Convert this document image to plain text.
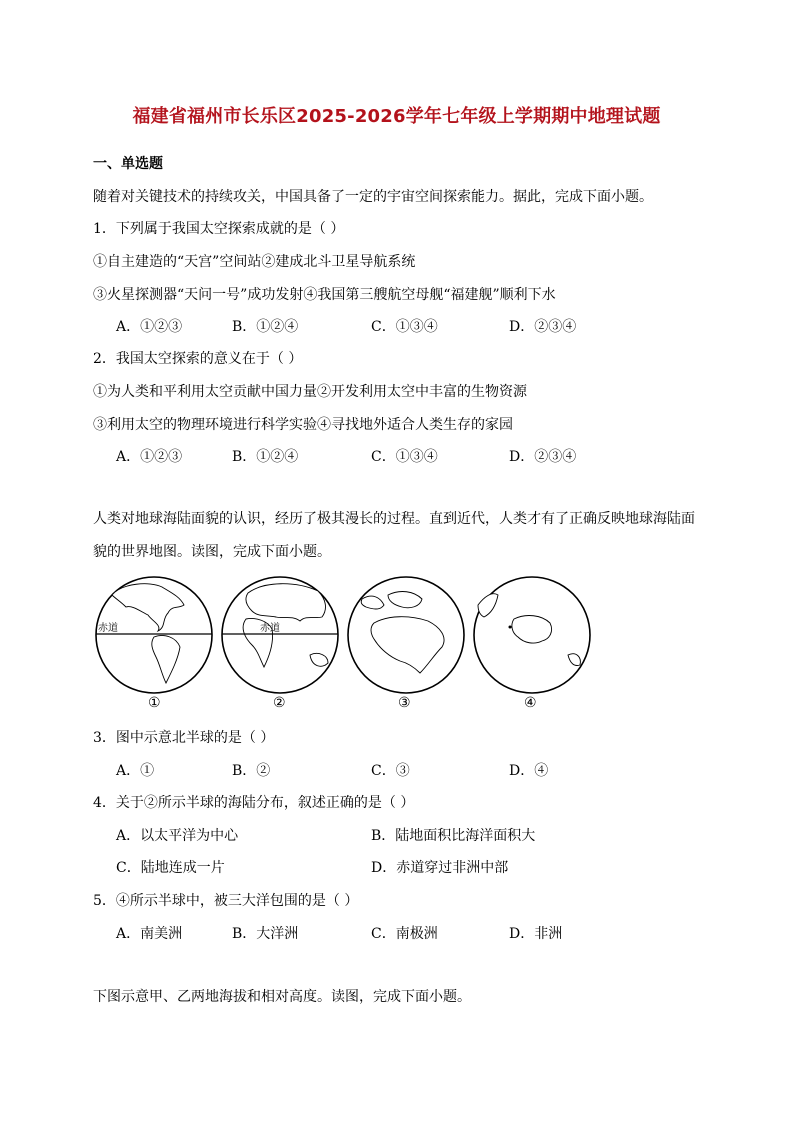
福建省福州市长乐区2025-2026学年七年级上学期期中地理试题
一、单选题
随着对关键技术的持续攻关，中国具备了一定的宇宙空间探索能力。据此，完成下面小题。
1．下列属于我国太空探索成就的是（ ）
①自主建造的“天宫”空间站②建成北斗卫星导航系统
③火星探测器“天问一号”成功发射④我国第三艘航空母舰“福建舰”顺利下水
A．①②③	B．①②④	C．①③④	D．②③④
2．我国太空探索的意义在于（ ）
①为人类和平利用太空贡献中国力量②开发利用太空中丰富的生物资源
③利用太空的物理环境进行科学实验④寻找地外适合人类生存的家园
A．①②③	B．①②④	C．①③④	D．②③④
人类对地球海陆面貌的认识，经历了极其漫长的过程。直到近代，人类才有了正确反映地球海陆面
貌的世界地图。读图，完成下面小题。
赤道	赤道
①	②	③	④
3．图中示意北半球的是（ ）
A．①	B．②	C．③	D．④
4．关于②所示半球的海陆分布，叙述正确的是（ ）
A．以太平洋为中心	B．陆地面积比海洋面积大
C．陆地连成一片	D．赤道穿过非洲中部
5．④所示半球中，被三大洋包围的是（ ）
A．南美洲	B．大洋洲	C．南极洲	D．非洲
下图示意甲、乙两地海拔和相对高度。读图，完成下面小题。
